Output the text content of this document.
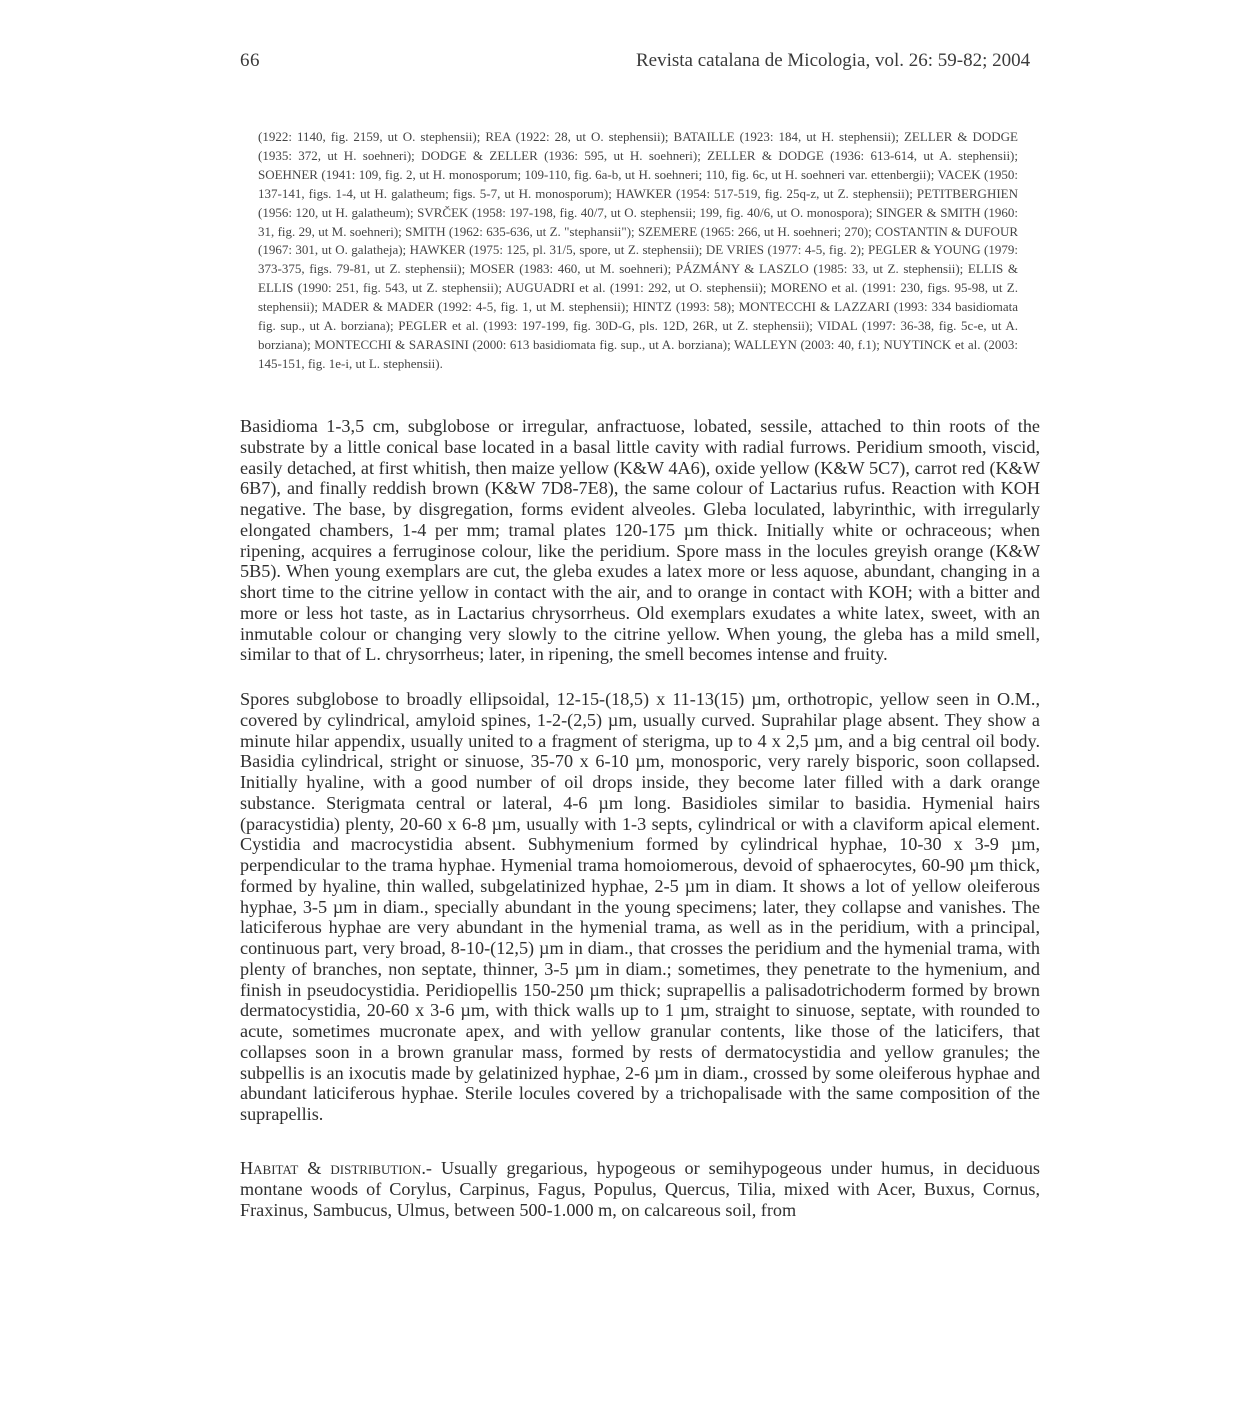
66	Revista catalana de Micologia, vol. 26: 59-82; 2004

(1922: 1140, fig. 2159, ut O. stephensii); REA (1922: 28, ut O. stephensii); BATAILLE (1923: 184, ut H. stephensii); ZELLER & DODGE (1935: 372, ut H. soehneri); DODGE & ZELLER (1936: 595, ut H. soehneri); ZELLER & DODGE (1936: 613-614, ut A. stephensii); SOEHNER (1941: 109, fig. 2, ut H. monosporum; 109-110, fig. 6a-b, ut H. soehneri; 110, fig. 6c, ut H. soehneri var. ettenbergii); VACEK (1950: 137-141, figs. 1-4, ut H. galatheum; figs. 5-7, ut H. monosporum); HAWKER (1954: 517-519, fig. 25q-z, ut Z. stephensii); PETITBERGHIEN (1956: 120, ut H. galatheum); SVRČEK (1958: 197-198, fig. 40/7, ut O. stephensii; 199, fig. 40/6, ut O. monospora); SINGER & SMITH (1960: 31, fig. 29, ut M. soehneri); SMITH (1962: 635-636, ut Z. "stephansii"); SZEMERE (1965: 266, ut H. soehneri; 270); COSTANTIN & DUFOUR (1967: 301, ut O. galatheja); HAWKER (1975: 125, pl. 31/5, spore, ut Z. stephensii); DE VRIES (1977: 4-5, fig. 2); PEGLER & YOUNG (1979: 373-375, figs. 79-81, ut Z. stephensii); MOSER (1983: 460, ut M. soehneri); PÁZMÁNY & LASZLO (1985: 33, ut Z. stephensii); ELLIS & ELLIS (1990: 251, fig. 543, ut Z. stephensii); AUGUADRI et al. (1991: 292, ut O. stephensii); MORENO et al. (1991: 230, figs. 95-98, ut Z. stephensii); MADER & MADER (1992: 4-5, fig. 1, ut M. stephensii); HINTZ (1993: 58); MONTECCHI & LAZZARI (1993: 334 basidiomata fig. sup., ut A. borziana); PEGLER et al. (1993: 197-199, fig. 30D-G, pls. 12D, 26R, ut Z. stephensii); VIDAL (1997: 36-38, fig. 5c-e, ut A. borziana); MONTECCHI & SARASINI (2000: 613 basidiomata fig. sup., ut A. borziana); WALLEYN (2003: 40, f.1); NUYTINCK et al. (2003: 145-151, fig. 1e-i, ut L. stephensii).

Basidioma 1-3,5 cm, subglobose or irregular, anfractuose, lobated, sessile, attached to thin roots of the substrate by a little conical base located in a basal little cavity with radial furrows. Peridium smooth, viscid, easily detached, at first whitish, then maize yellow (K&W 4A6), oxide yellow (K&W 5C7), carrot red (K&W 6B7), and finally reddish brown (K&W 7D8-7E8), the same colour of Lactarius rufus. Reaction with KOH negative. The base, by disgregation, forms evident alveoles. Gleba loculated, labyrinthic, with irregularly elongated chambers, 1-4 per mm; tramal plates 120-175 µm thick. Initially white or ochraceous; when ripening, acquires a ferruginose colour, like the peridium. Spore mass in the locules greyish orange (K&W 5B5). When young exemplars are cut, the gleba exudes a latex more or less aquose, abundant, changing in a short time to the citrine yellow in contact with the air, and to orange in contact with KOH; with a bitter and more or less hot taste, as in Lactarius chrysorrheus. Old exemplars exudates a white latex, sweet, with an inmutable colour or changing very slowly to the citrine yellow. When young, the gleba has a mild smell, similar to that of L. chrysorrheus; later, in ripening, the smell becomes intense and fruity.

Spores subglobose to broadly ellipsoidal, 12-15-(18,5) x 11-13(15) µm, orthotropic, yellow seen in O.M., covered by cylindrical, amyloid spines, 1-2-(2,5) µm, usually curved. Suprahilar plage absent. They show a minute hilar appendix, usually united to a fragment of sterigma, up to 4 x 2,5 µm, and a big central oil body. Basidia cylindrical, stright or sinuose, 35-70 x 6-10 µm, monosporic, very rarely bisporic, soon collapsed. Initially hyaline, with a good number of oil drops inside, they become later filled with a dark orange substance. Sterigmata central or lateral, 4-6 µm long. Basidioles similar to basidia. Hymenial hairs (paracystidia) plenty, 20-60 x 6-8 µm, usually with 1-3 septs, cylindrical or with a claviform apical element. Cystidia and macrocystidia absent. Subhymenium formed by cylindrical hyphae, 10-30 x 3-9 µm, perpendicular to the trama hyphae. Hymenial trama homoiomerous, devoid of sphaerocytes, 60-90 µm thick, formed by hyaline, thin walled, subgelatinized hyphae, 2-5 µm in diam. It shows a lot of yellow oleiferous hyphae, 3-5 µm in diam., specially abundant in the young specimens; later, they collapse and vanishes. The laticiferous hyphae are very abundant in the hymenial trama, as well as in the peridium, with a principal, continuous part, very broad, 8-10-(12,5) µm in diam., that crosses the peridium and the hymenial trama, with plenty of branches, non septate, thinner, 3-5 µm in diam.; sometimes, they penetrate to the hymenium, and finish in pseudocystidia. Peridiopellis 150-250 µm thick; suprapellis a palisadotrichoderm formed by brown dermatocystidia, 20-60 x 3-6 µm, with thick walls up to 1 µm, straight to sinuose, septate, with rounded to acute, sometimes mucronate apex, and with yellow granular contents, like those of the laticifers, that collapses soon in a brown granular mass, formed by rests of dermatocystidia and yellow granules; the subpellis is an ixocutis made by gelatinized hyphae, 2-6 µm in diam., crossed by some oleiferous hyphae and abundant laticiferous hyphae. Sterile locules covered by a trichopalisade with the same composition of the suprapellis.

Habitat & distribution.- Usually gregarious, hypogeous or semihypogeous under humus, in deciduous montane woods of Corylus, Carpinus, Fagus, Populus, Quercus, Tilia, mixed with Acer, Buxus, Cornus, Fraxinus, Sambucus, Ulmus, between 500-1.000 m, on calcareous soil, from
